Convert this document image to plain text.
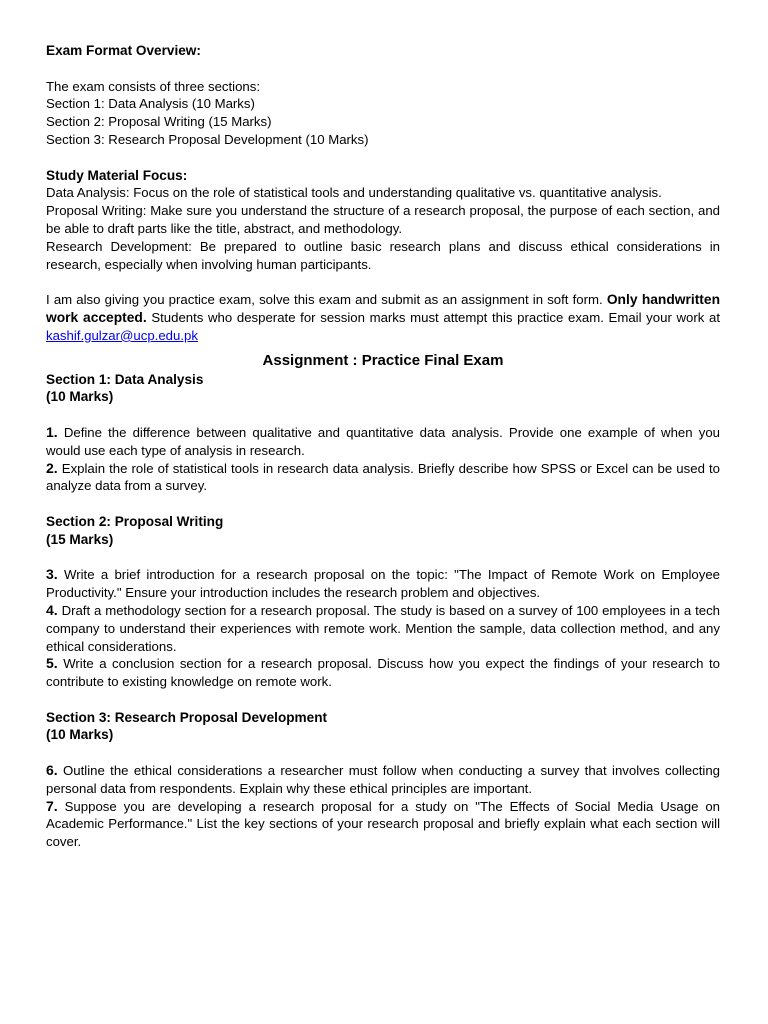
Exam Format Overview:

The exam consists of three sections:

Section 1: Data Analysis (10 Marks)

Section 2: Proposal Writing (15 Marks)

Section 3: Research Proposal Development (10 Marks)

Study Material Focus:

Data Analysis: Focus on the role of statistical tools and understanding qualitative vs. quantitative analysis.

Proposal Writing: Make sure you understand the structure of a research proposal, the purpose of each section, and be able to draft parts like the title, abstract, and methodology.

Research Development: Be prepared to outline basic research plans and discuss ethical considerations in research, especially when involving human participants.

I am also giving you practice exam, solve this exam and submit as an assignment in soft form. Only handwritten work accepted. Students who desperate for session marks must attempt this practice exam. Email your work at kashif.gulzar@ucp.edu.pk

Assignment : Practice Final Exam

Section 1: Data Analysis

(10 Marks)

1. Define the difference between qualitative and quantitative data analysis. Provide one example of when you would use each type of analysis in research.

2. Explain the role of statistical tools in research data analysis. Briefly describe how SPSS or Excel can be used to analyze data from a survey.

Section 2: Proposal Writing

(15 Marks)

3. Write a brief introduction for a research proposal on the topic: "The Impact of Remote Work on Employee Productivity." Ensure your introduction includes the research problem and objectives.

4. Draft a methodology section for a research proposal. The study is based on a survey of 100 employees in a tech company to understand their experiences with remote work. Mention the sample, data collection method, and any ethical considerations.

5. Write a conclusion section for a research proposal. Discuss how you expect the findings of your research to contribute to existing knowledge on remote work.

Section 3: Research Proposal Development

(10 Marks)

6. Outline the ethical considerations a researcher must follow when conducting a survey that involves collecting personal data from respondents. Explain why these ethical principles are important.

7. Suppose you are developing a research proposal for a study on "The Effects of Social Media Usage on Academic Performance." List the key sections of your research proposal and briefly explain what each section will cover.
